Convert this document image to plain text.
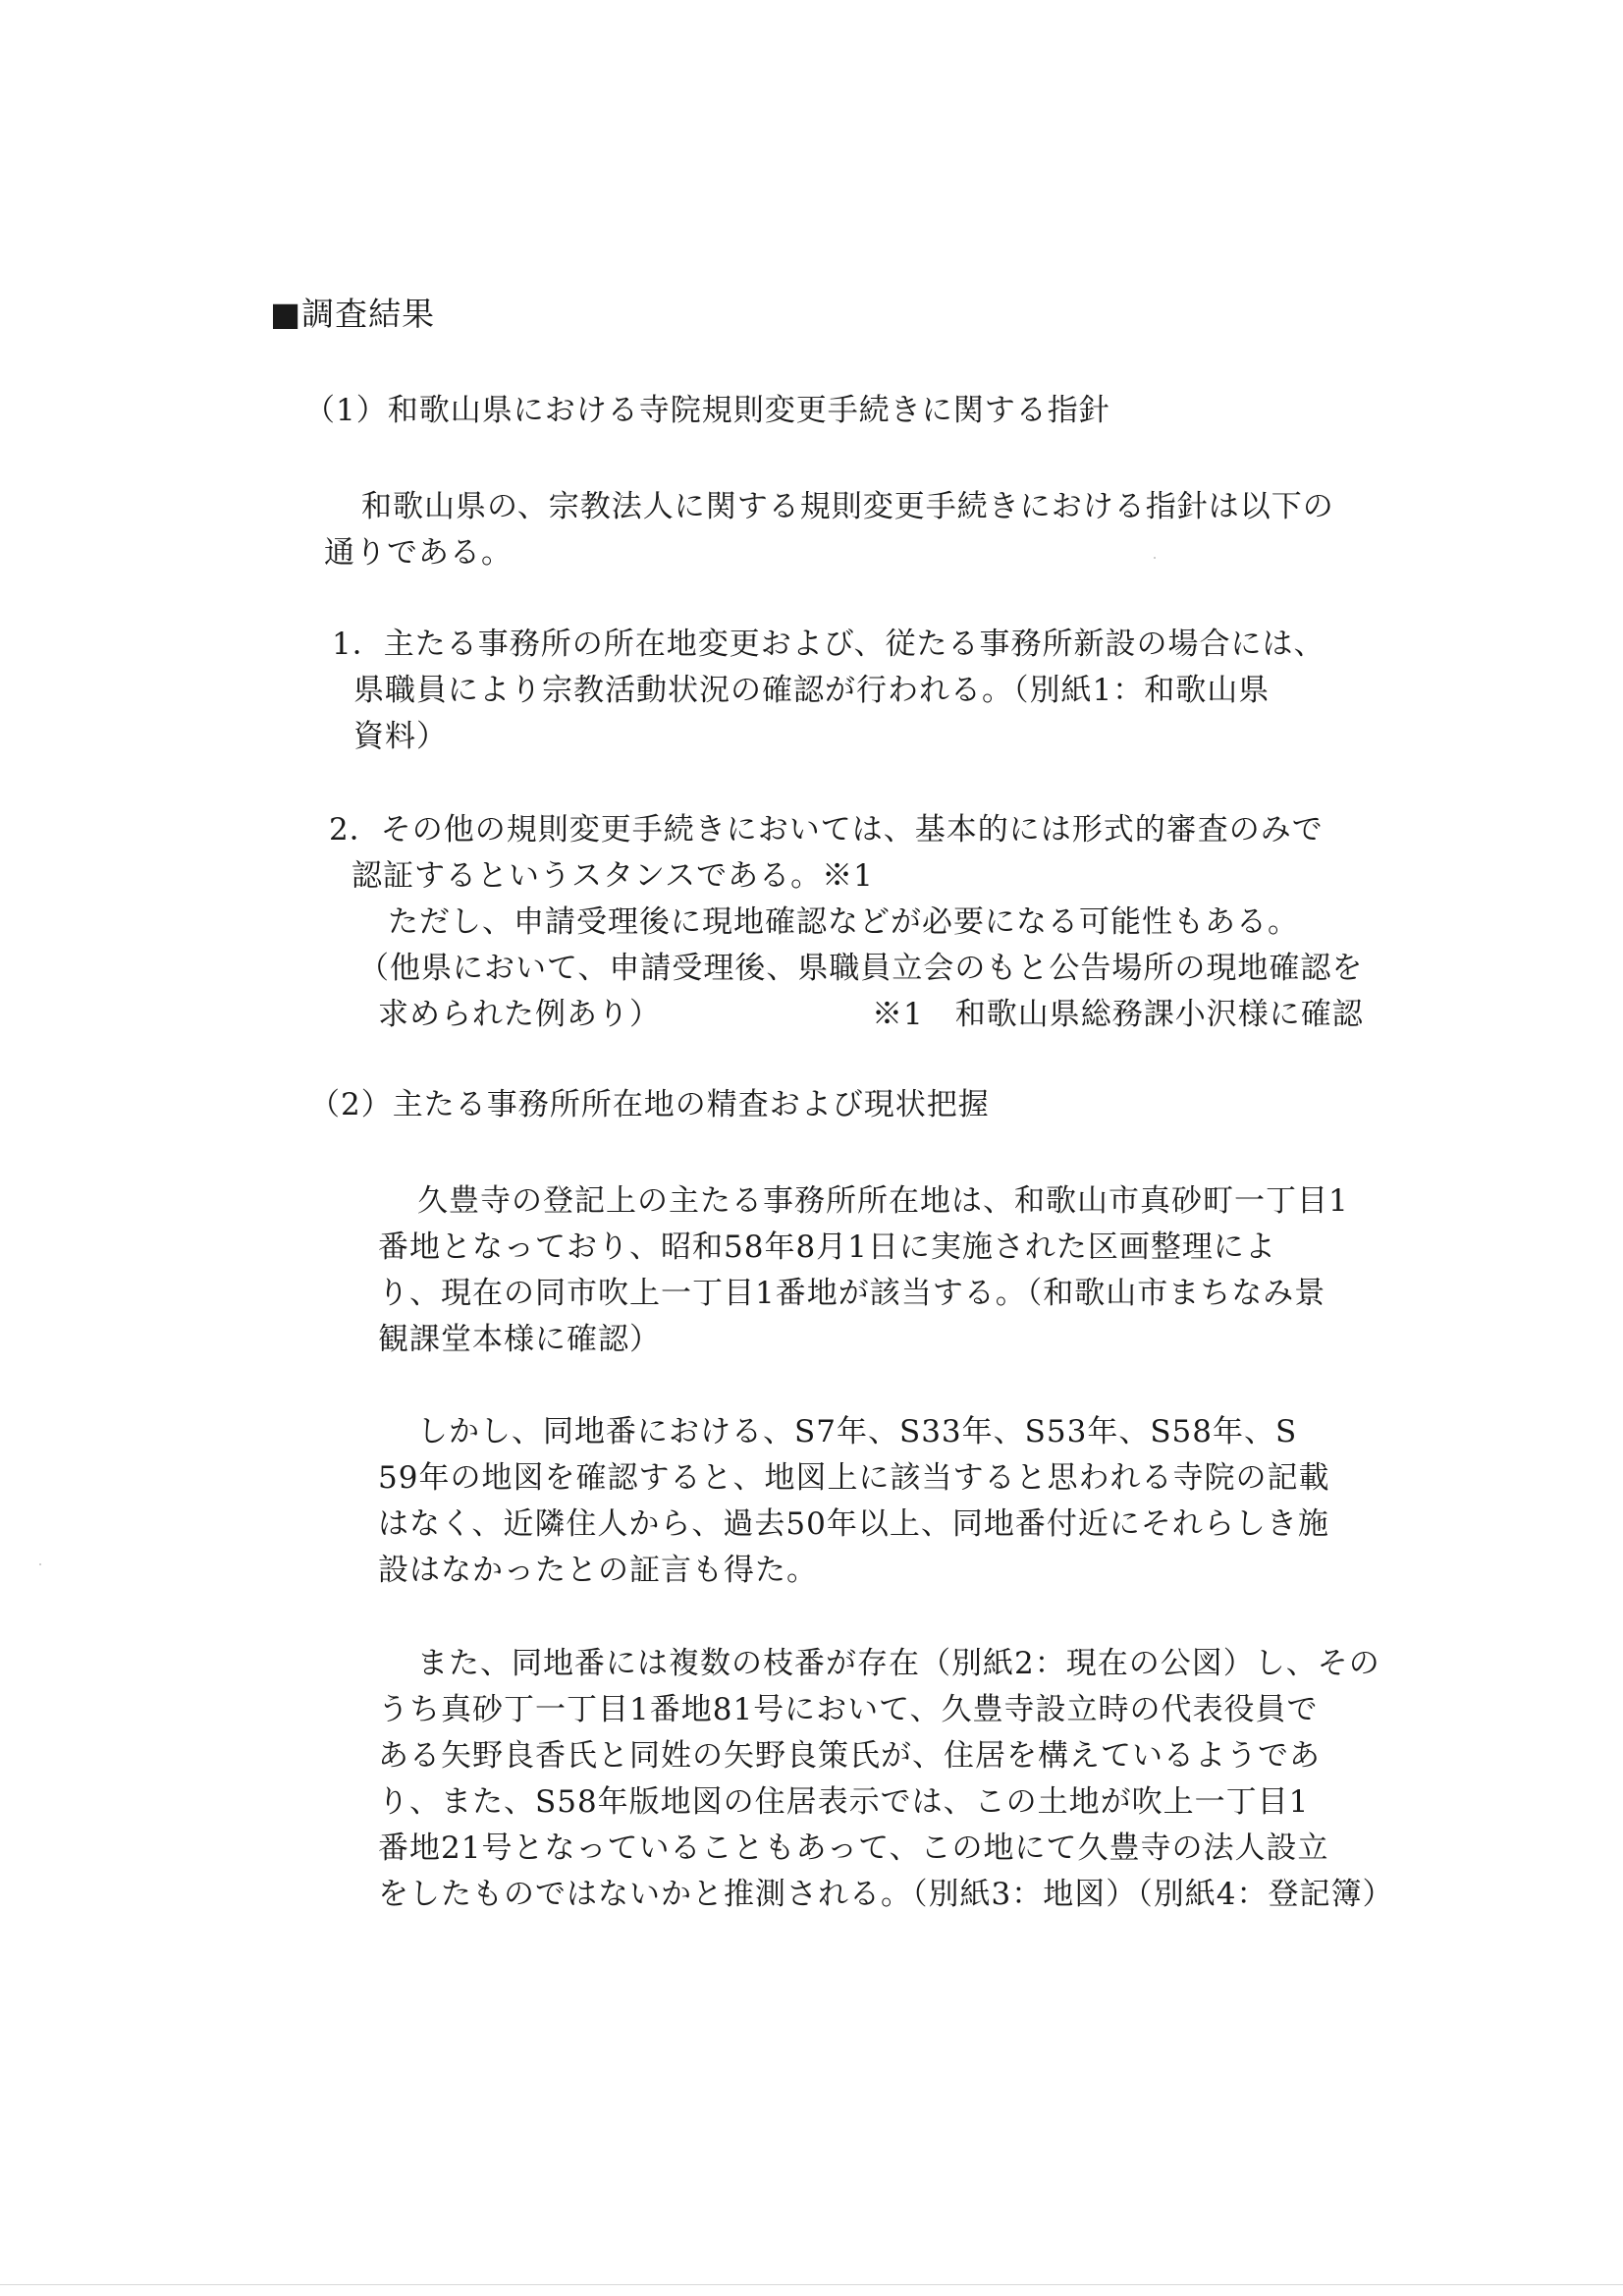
■調査結果
（1）和歌山県における寺院規則変更手続きに関する指針
和歌山県の、宗教法人に関する規則変更手続きにおける指針は以下の
通りである。
1．主たる事務所の所在地変更および、従たる事務所新設の場合には、
県職員により宗教活動状況の確認が行われる。（別紙1：和歌山県
資料）
2．その他の規則変更手続きにおいては、基本的には形式的審査のみで
認証するというスタンスである。※1
ただし、申請受理後に現地確認などが必要になる可能性もある。
（他県において、申請受理後、県職員立会のもと公告場所の現地確認を
求められた例あり）	※1　和歌山県総務課小沢様に確認
（2）主たる事務所所在地の精査および現状把握
久豊寺の登記上の主たる事務所所在地は、和歌山市真砂町一丁目1
番地となっており、昭和58年8月1日に実施された区画整理によ
り、現在の同市吹上一丁目1番地が該当する。（和歌山市まちなみ景
観課堂本様に確認）
しかし、同地番における、S7年、S33年、S53年、S58年、S
59年の地図を確認すると、地図上に該当すると思われる寺院の記載
はなく、近隣住人から、過去50年以上、同地番付近にそれらしき施
設はなかったとの証言も得た。
また、同地番には複数の枝番が存在（別紙2：現在の公図）し、その
うち真砂丁一丁目1番地81号において、久豊寺設立時の代表役員で
ある矢野良香氏と同姓の矢野良策氏が、住居を構えているようであ
り、また、S58年版地図の住居表示では、この土地が吹上一丁目1
番地21号となっていることもあって、この地にて久豊寺の法人設立
をしたものではないかと推測される。（別紙3：地図）（別紙4：登記簿）
